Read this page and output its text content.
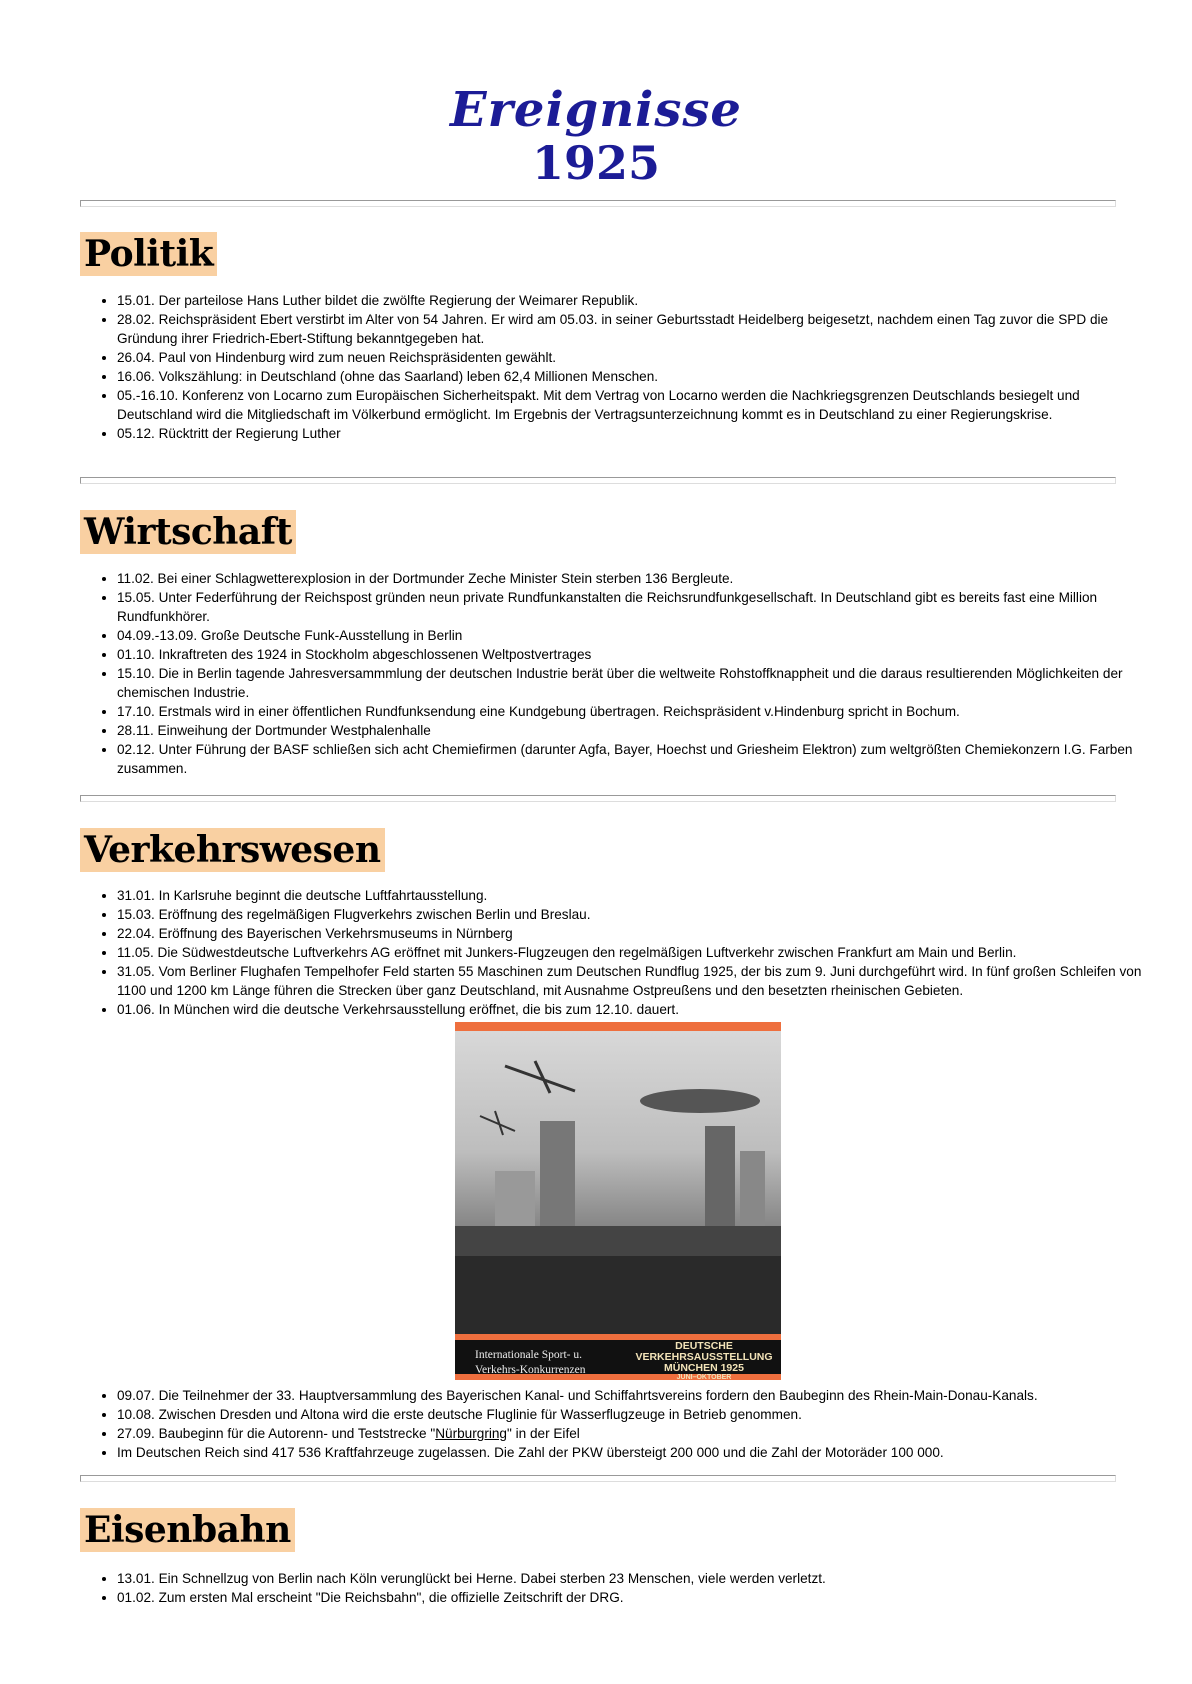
Ereignisse
1925
Politik
• 15.01. Der parteilose Hans Luther bildet die zwölfte Regierung der Weimarer Republik.
• 28.02. Reichspräsident Ebert verstirbt im Alter von 54 Jahren. Er wird am 05.03. in seiner Geburtsstadt Heidelberg beigesetzt, nachdem einen Tag zuvor die SPD die Gründung ihrer Friedrich-Ebert-Stiftung bekanntgegeben hat.
• 26.04. Paul von Hindenburg wird zum neuen Reichspräsidenten gewählt.
• 16.06. Volkszählung: in Deutschland (ohne das Saarland) leben 62,4 Millionen Menschen.
• 05.-16.10. Konferenz von Locarno zum Europäischen Sicherheitspakt. Mit dem Vertrag von Locarno werden die Nachkriegsgrenzen Deutschlands besiegelt und Deutschland wird die Mitgliedschaft im Völkerbund ermöglicht. Im Ergebnis der Vertragsunterzeichnung kommt es in Deutschland zu einer Regierungskrise.
• 05.12. Rücktritt der Regierung Luther
Wirtschaft
• 11.02. Bei einer Schlagwetterexplosion in der Dortmunder Zeche Minister Stein sterben 136 Bergleute.
• 15.05. Unter Federführung der Reichspost gründen neun private Rundfunkanstalten die Reichsrundfunkgesellschaft. In Deutschland gibt es bereits fast eine Million Rundfunkhörer.
• 04.09.-13.09. Große Deutsche Funk-Ausstellung in Berlin
• 01.10. Inkraftreten des 1924 in Stockholm abgeschlossenen Weltpostvertrages
• 15.10. Die in Berlin tagende Jahresversammmlung der deutschen Industrie berät über die weltweite Rohstoffknappheit und die daraus resultierenden Möglichkeiten der chemischen Industrie.
• 17.10. Erstmals wird in einer öffentlichen Rundfunksendung eine Kundgebung übertragen. Reichspräsident v.Hindenburg spricht in Bochum.
• 28.11. Einweihung der Dortmunder Westphalenhalle
• 02.12. Unter Führung der BASF schließen sich acht Chemiefirmen (darunter Agfa, Bayer, Hoechst und Griesheim Elektron) zum weltgrößten Chemiekonzern I.G. Farben zusammen.
Verkehrswesen
• 31.01. In Karlsruhe beginnt die deutsche Luftfahrtausstellung.
• 15.03. Eröffnung des regelmäßigen Flugverkehrs zwischen Berlin und Breslau.
• 22.04. Eröffnung des Bayerischen Verkehrsmuseums in Nürnberg
• 11.05. Die Südwestdeutsche Luftverkehrs AG eröffnet mit Junkers-Flugzeugen den regelmäßigen Luftverkehr zwischen Frankfurt am Main und Berlin.
• 31.05. Vom Berliner Flughafen Tempelhofer Feld starten 55 Maschinen zum Deutschen Rundflug 1925, der bis zum 9. Juni durchgeführt wird. In fünf großen Schleifen von 1100 und 1200 km Länge führen die Strecken über ganz Deutschland, mit Ausnahme Ostpreußens und den besetzten rheinischen Gebieten.
• 01.06. In München wird die deutsche Verkehrsausstellung eröffnet, die bis zum 12.10. dauert.
Internationale Sport- u.
Verkehrs-Konkurrenzen
DEUTSCHE
VERKEHRSAUSSTELLUNG
MÜNCHEN 1925
JUNI–OKTOBER
• 09.07. Die Teilnehmer der 33. Hauptversammlung des Bayerischen Kanal- und Schiffahrtsvereins fordern den Baubeginn des Rhein-Main-Donau-Kanals.
• 10.08. Zwischen Dresden und Altona wird die erste deutsche Fluglinie für Wasserflugzeuge in Betrieb genommen.
• 27.09. Baubeginn für die Autorenn- und Teststrecke "Nürburgring" in der Eifel
• Im Deutschen Reich sind 417 536 Kraftfahrzeuge zugelassen. Die Zahl der PKW übersteigt 200 000 und die Zahl der Motoräder 100 000.
Eisenbahn
• 13.01. Ein Schnellzug von Berlin nach Köln verunglückt bei Herne. Dabei sterben 23 Menschen, viele werden verletzt.
• 01.02. Zum ersten Mal erscheint "Die Reichsbahn", die offizielle Zeitschrift der DRG.
